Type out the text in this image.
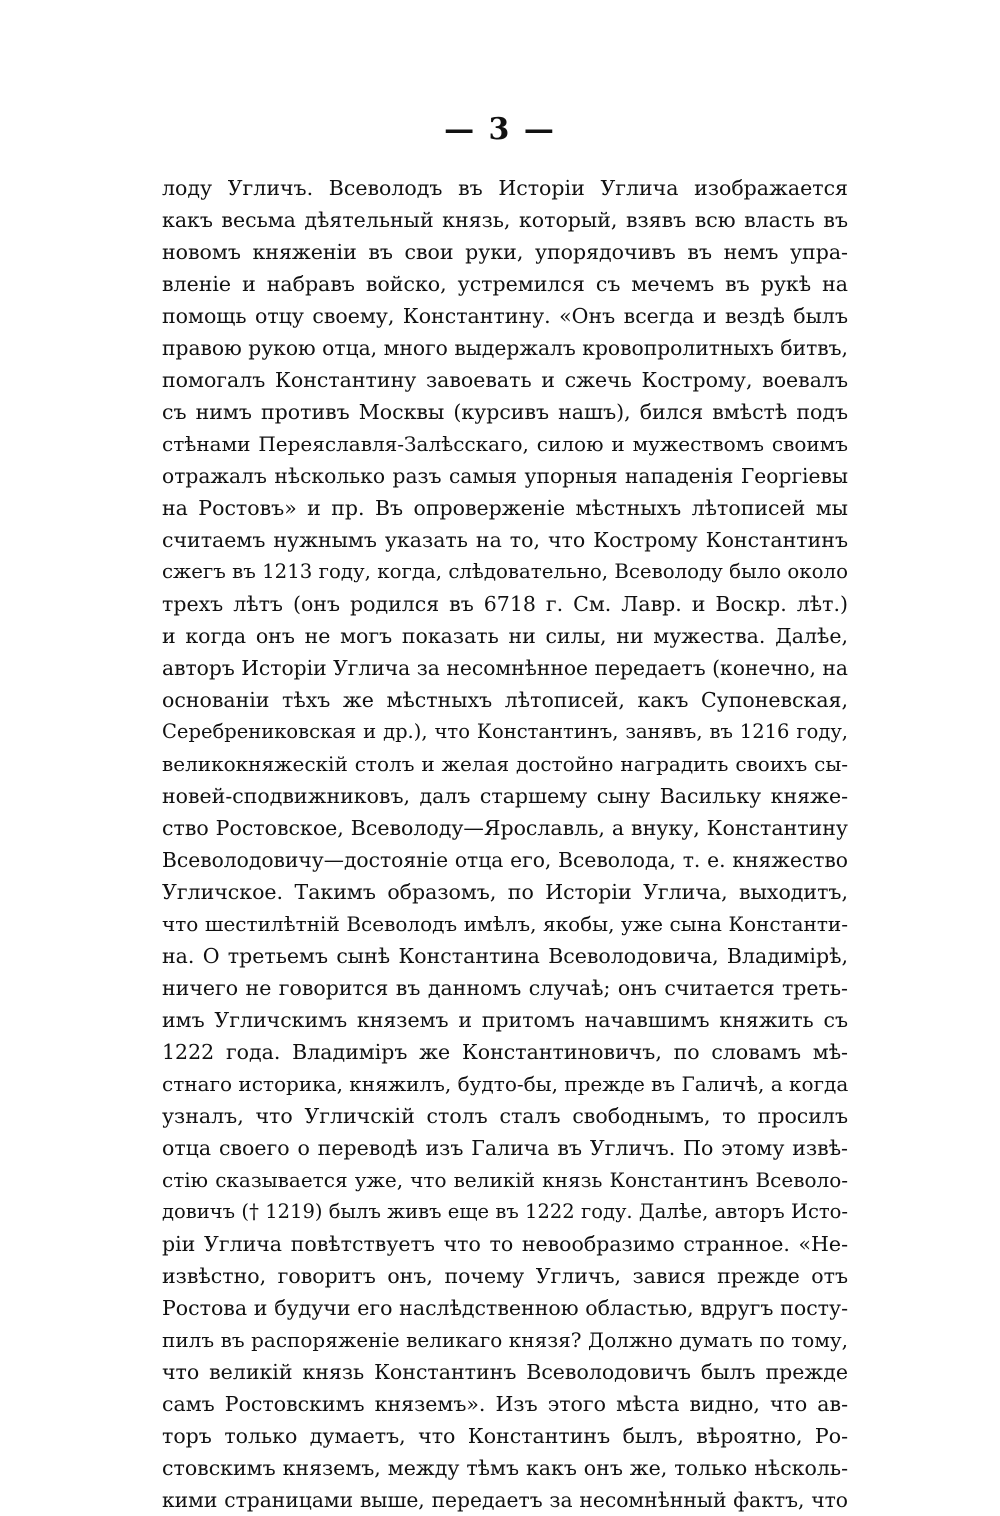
— 3 —
лоду Угличъ. Всеволодъ въ Исторіи Углича изображается
какъ весьма дѣятельный князь, который, взявъ всю власть въ
новомъ княженіи въ свои руки, упорядочивъ въ немъ упра-
вленіе и набравъ войско, устремился съ мечемъ въ рукѣ на
помощь отцу своему, Константину. «Онъ всегда и вездѣ былъ
правою рукою отца, много выдержалъ кровопролитныхъ битвъ,
помогалъ Константину завоевать и сжечь Кострому, воевалъ
съ нимъ противъ Москвы (курсивъ нашъ), бился вмѣстѣ подъ
стѣнами Переяславля-Залѣсскаго, силою и мужествомъ своимъ
отражалъ нѣсколько разъ самыя упорныя нападенія Георгіевы
на Ростовъ» и пр. Въ опроверженіе мѣстныхъ лѣтописей мы
считаемъ нужнымъ указать на то, что Кострому Константинъ
сжегъ въ 1213 году, когда, слѣдовательно, Всеволоду было около
трехъ лѣтъ (онъ родился въ 6718 г. См. Лавр. и Воскр. лѣт.)
и когда онъ не могъ показать ни силы, ни мужества. Далѣе,
авторъ Исторіи Углича за несомнѣнное передаетъ (конечно, на
основаніи тѣхъ же мѣстныхъ лѣтописей, какъ Супоневская,
Серебрениковская и др.), что Константинъ, занявъ, въ 1216 году,
великокняжескій столъ и желая достойно наградить своихъ сы-
новей-сподвижниковъ, далъ старшему сыну Васильку княже-
ство Ростовское, Всеволоду—Ярославль, а внуку, Константину
Всеволодовичу—достояніе отца его, Всеволода, т. е. княжество
Угличское. Такимъ образомъ, по Исторіи Углича, выходитъ,
что шестилѣтній Всеволодъ имѣлъ, якобы, уже сына Константи-
на. О третьемъ сынѣ Константина Всеволодовича, Владимірѣ,
ничего не говорится въ данномъ случаѣ; онъ считается треть-
имъ Угличскимъ княземъ и притомъ начавшимъ княжить съ
1222 года. Владиміръ же Константиновичъ, по словамъ мѣ-
стнаго историка, княжилъ, будто-бы, прежде въ Галичѣ, а когда
узналъ, что Угличскій столъ сталъ свободнымъ, то просилъ
отца своего о переводѣ изъ Галича въ Угличъ. По этому извѣ-
стію сказывается уже, что великій князь Константинъ Всеволо-
довичъ († 1219) былъ живъ еще въ 1222 году. Далѣе, авторъ Исто-
ріи Углича повѣтствуетъ что то невообразимо странное. «Не-
извѣстно, говоритъ онъ, почему Угличъ, завися прежде отъ
Ростова и будучи его наслѣдственною областью, вдругъ посту-
пилъ въ распоряженіе великаго князя? Должно думать по тому,
что великій князь Константинъ Всеволодовичъ былъ прежде
самъ Ростовскимъ княземъ». Изъ этого мѣста видно, что ав-
торъ только думаетъ, что Константинъ былъ, вѣроятно, Ро-
стовскимъ княземъ, между тѣмъ какъ онъ же, только нѣсколь-
кими страницами выше, передаетъ за несомнѣнный фактъ, что
